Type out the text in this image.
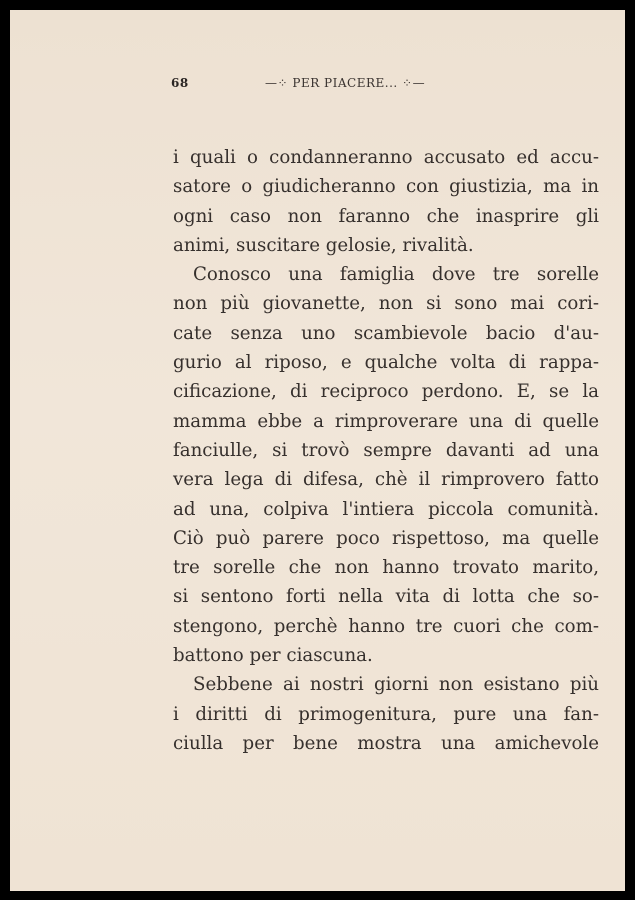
68	—⁘ PER PIACERE... ⁘—
i quali o condanneranno accusato ed accu-
satore o giudicheranno con giustizia, ma in
ogni caso non faranno che inasprire gli
animi, suscitare gelosie, rivalità.
Conosco una famiglia dove tre sorelle
non più giovanette, non si sono mai cori-
cate senza uno scambievole bacio d'au-
gurio al riposo, e qualche volta di rappa-
cificazione, di reciproco perdono. E, se la
mamma ebbe a rimproverare una di quelle
fanciulle, si trovò sempre davanti ad una
vera lega di difesa, chè il rimprovero fatto
ad una, colpiva l'intiera piccola comunità.
Ciò può parere poco rispettoso, ma quelle
tre sorelle che non hanno trovato marito,
si sentono forti nella vita di lotta che so-
stengono, perchè hanno tre cuori che com-
battono per ciascuna.
Sebbene ai nostri giorni non esistano più
i diritti di primogenitura, pure una fan-
ciulla per bene mostra una amichevole
